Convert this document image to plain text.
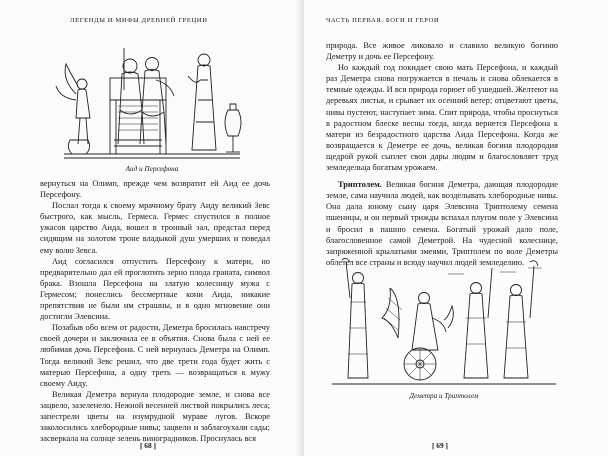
ЛЕГЕНДЫ И МИФЫ ДРЕВНЕЙ ГРЕЦИИ
Аид и Персефона

вернуться на Олимп, прежде чем возвратит ей Аид ее дочь Персефону.

Послал тогда к своему мрачному брату Аиду великий Зевс быстрого, как мысль, Гермеса. Гермес спустился в полное ужасов царство Аида, вошел в тронный зал, предстал перед сидящим на золотом троне владыкой душ умерших и поведал ему волю Зевса.

Аид согласился отпустить Персефону к матери, но предварительно дал ей проглотить зерно плода граната, символ брака. Взошла Персефона на златую колесницу мужа с Гермесом; понеслись бессмертные кони Аида, никакие препятствия не были им страшны, и в одно мгновение они достигли Элевсина.

Позабыв обо всем от радости, Деметра бросилась навстречу своей дочери и заключила ее в объятия. Снова была с ней ее любимая дочь Персефона. С ней вернулась Деметра на Олимп. Тогда великий Зевс решил, что две трети года будет жить с матерью Персефона, а одну треть — возвращаться к мужу своему Аиду.

Великая Деметра вернула плодородие земле, и снова все зацвело, зазеленело. Нежной весенней листвой покрылись леса; запестрели цветы на изумрудной мураве лугов. Вскоре заколосились хлебородные нивы; зацвели и заблагоухали сады; засверкала на солнце зелень виноградников. Проснулась вся

[ 68 ]
ЧАСТЬ ПЕРВАЯ. БОГИ И ГЕРОИ

природа. Все живое ликовало и славило великую богиню Деметру и дочь ее Персефону.

Но каждый год покидает свою мать Персефона, и каждый раз Деметра снова погружается в печаль и снова облекается в темные одежды. И вся природа горюет об ушедшей. Желтеют на деревьях листья, и срывает их осенний ветер; отцветают цветы, нивы пустеют, наступает зима. Спит природа, чтобы проснуться в радостном блеске весны тогда, когда вернется Персефона к матери из безрадостного царства Аида Персефона. Когда же возвращается к Деметре ее дочь, великая богиня плодородия щедрой рукой сыплет свои дары людям и благословляет труд земледельца богатым урожаем.

Триптолем. Великая богиня Деметра, дающая плодородие земле, сама научила людей, как возделывать хлебородные нивы. Она дала юному сыну царя Элевсина Триптолему семена пшеницы, и он первый трижды вспахал плугом поле у Элевсина и бросил в пашню семена. Богатый урожай дало поле, благословенное самой Деметрой. На чудесной колеснице, запряженной крылатыми змеями, Триптолем по воле Деметры облетел все страны и всюду научил людей земледелию.

Деметра и Триптолем
[ 69 ]
